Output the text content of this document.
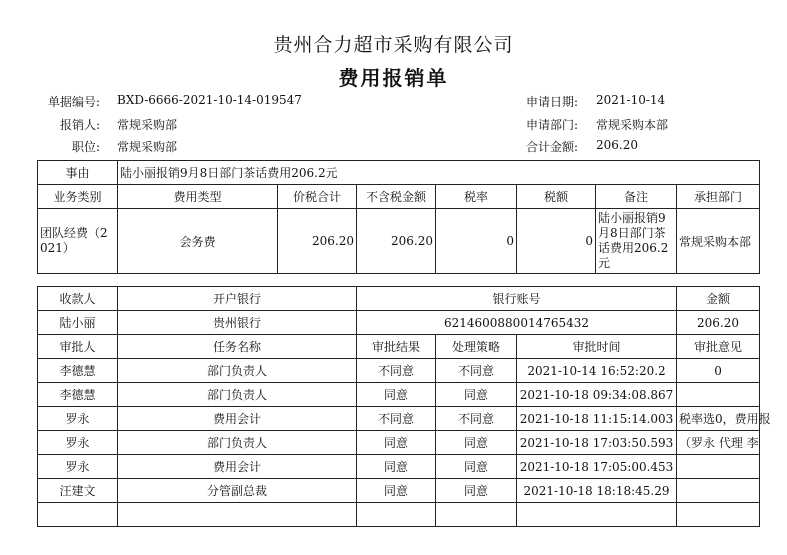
贵州合力超市采购有限公司
费用报销单
单据编号: BXD-6666-2021-10-14-019547	申请日期: 2021-10-14
报销人: 常规采购部	申请部门: 常规采购本部
职位: 常规采购部	合计金额: 206.20
事由	陆小丽报销9月8日部门茶话费用206.2元						
业务类别	费用类型	价税合计	不含税金额	税率	税额	备注	承担部门
团队经费（2021）	会务费	206.20	206.20	0	0	陆小丽报销9月8日部门茶话费用206.2元	常规采购本部

收款人	开户银行		银行账号				金额
陆小丽	贵州银行		6214600880014765432				206.20
审批人	任务名称		审批结果	处理策略	审批时间		审批意见
李德慧	部门负责人		不同意	不同意	2021-10-14 16:52:20.2		0
李德慧	部门负责人		同意	同意	2021-10-18 09:34:08.867		
罗永	费用会计		不同意	不同意	2021-10-18 11:15:14.003		税率选0，费用报
罗永	部门负责人		同意	同意	2021-10-18 17:03:50.593		（罗永 代理 李
罗永	费用会计		同意	同意	2021-10-18 17:05:00.453		
汪建文	分管副总裁		同意	同意	2021-10-18 18:18:45.29		
